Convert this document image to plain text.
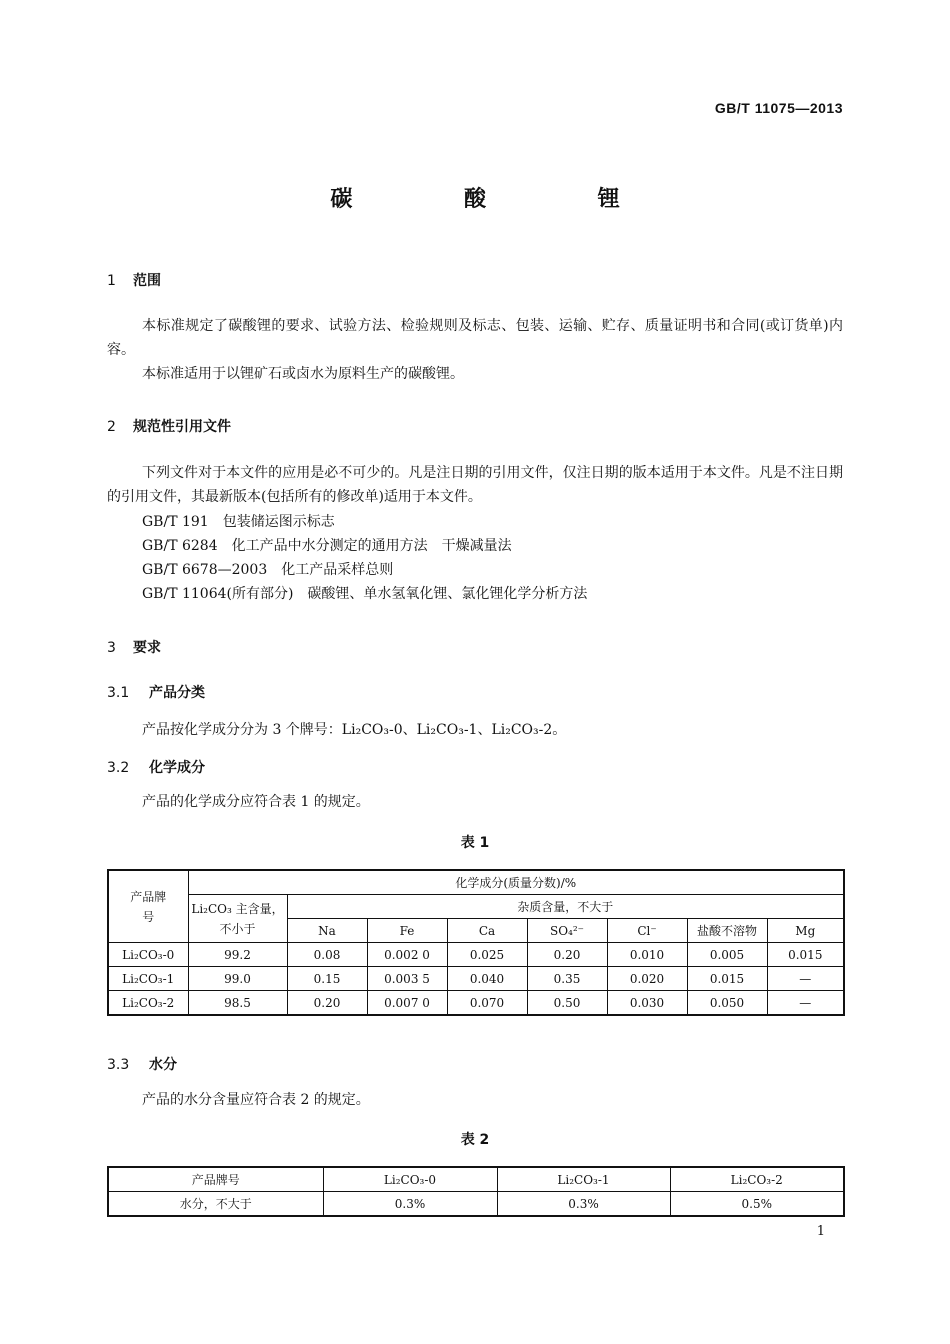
GB/T 11075—2013
碳 酸 锂
1 范围
本标准规定了碳酸锂的要求、试验方法、检验规则及标志、包装、运输、贮存、质量证明书和合同(或订货单)内容。
本标准适用于以锂矿石或卤水为原料生产的碳酸锂。
2 规范性引用文件
下列文件对于本文件的应用是必不可少的。凡是注日期的引用文件，仅注日期的版本适用于本文件。凡是不注日期的引用文件，其最新版本(包括所有的修改单)适用于本文件。
GB/T 191　包装储运图示标志
GB/T 6284　化工产品中水分测定的通用方法　干燥减量法
GB/T 6678—2003　化工产品采样总则
GB/T 11064(所有部分)　碳酸锂、单水氢氧化锂、氯化锂化学分析方法
3 要求
3.1 产品分类
产品按化学成分分为 3 个牌号：Li₂CO₃-0、Li₂CO₃-1、Li₂CO₃-2。
3.2 化学成分
产品的化学成分应符合表 1 的规定。
表 1
产品牌号	化学成分(质量分数)/%							
	Li₂CO₃ 主含量，不小于	杂质含量，不大于						
		Na	Fe	Ca	SO₄²⁻	Cl⁻	盐酸不溶物	Mg
Li₂CO₃-0	99.2	0.08	0.002 0	0.025	0.20	0.010	0.005	0.015
Li₂CO₃-1	99.0	0.15	0.003 5	0.040	0.35	0.020	0.015	—
Li₂CO₃-2	98.5	0.20	0.007 0	0.070	0.50	0.030	0.050	—
3.3 水分
产品的水分含量应符合表 2 的规定。
表 2
产品牌号	Li₂CO₃-0	Li₂CO₃-1	Li₂CO₃-2
水分，不大于	0.3%	0.3%	0.5%
1
